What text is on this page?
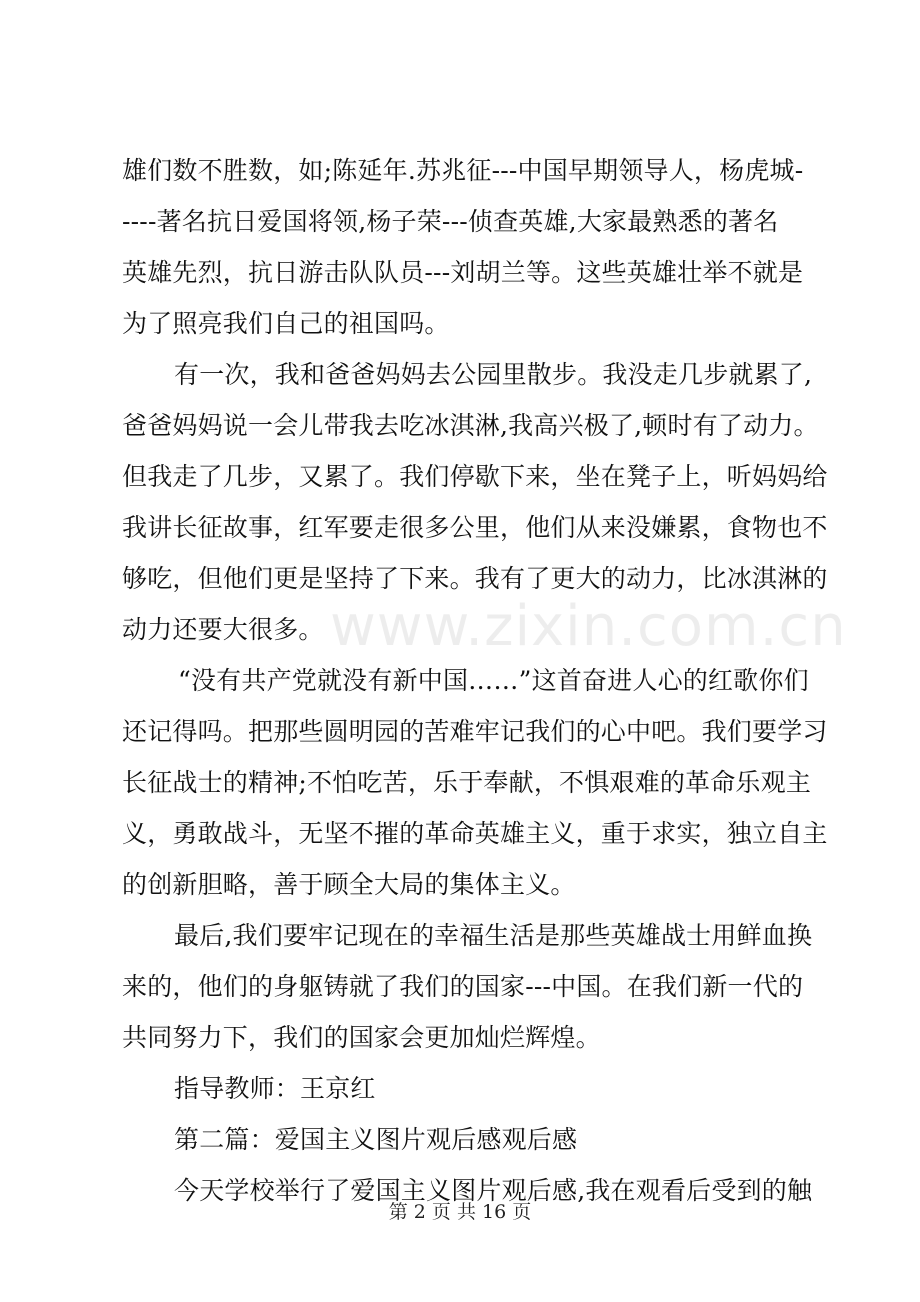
www.zixin.com.cn
雄们数不胜数，如;陈延年.苏兆征---中国早期领导人，杨虎城-
----著名抗日爱国将领,杨子荣---侦查英雄,大家最熟悉的著名
英雄先烈，抗日游击队队员---刘胡兰等。这些英雄壮举不就是
为了照亮我们自己的祖国吗。
有一次，我和爸爸妈妈去公园里散步。我没走几步就累了,
爸爸妈妈说一会儿带我去吃冰淇淋,我高兴极了,顿时有了动力。
但我走了几步，又累了。我们停歇下来，坐在凳子上，听妈妈给
我讲长征故事，红军要走很多公里，他们从来没嫌累，食物也不
够吃，但他们更是坚持了下来。我有了更大的动力，比冰淇淋的
动力还要大很多。
“没有共产党就没有新中国……”这首奋进人心的红歌你们
还记得吗。把那些圆明园的苦难牢记我们的心中吧。我们要学习
长征战士的精神;不怕吃苦，乐于奉献，不惧艰难的革命乐观主
义，勇敢战斗，无坚不摧的革命英雄主义，重于求实，独立自主
的创新胆略，善于顾全大局的集体主义。
最后,我们要牢记现在的幸福生活是那些英雄战士用鲜血换
来的，他们的身躯铸就了我们的国家---中国。在我们新一代的
共同努力下，我们的国家会更加灿烂辉煌。
指导教师：王京红
第二篇：爱国主义图片观后感观后感
今天学校举行了爱国主义图片观后感,我在观看后受到的触
第 2 页 共 16 页
